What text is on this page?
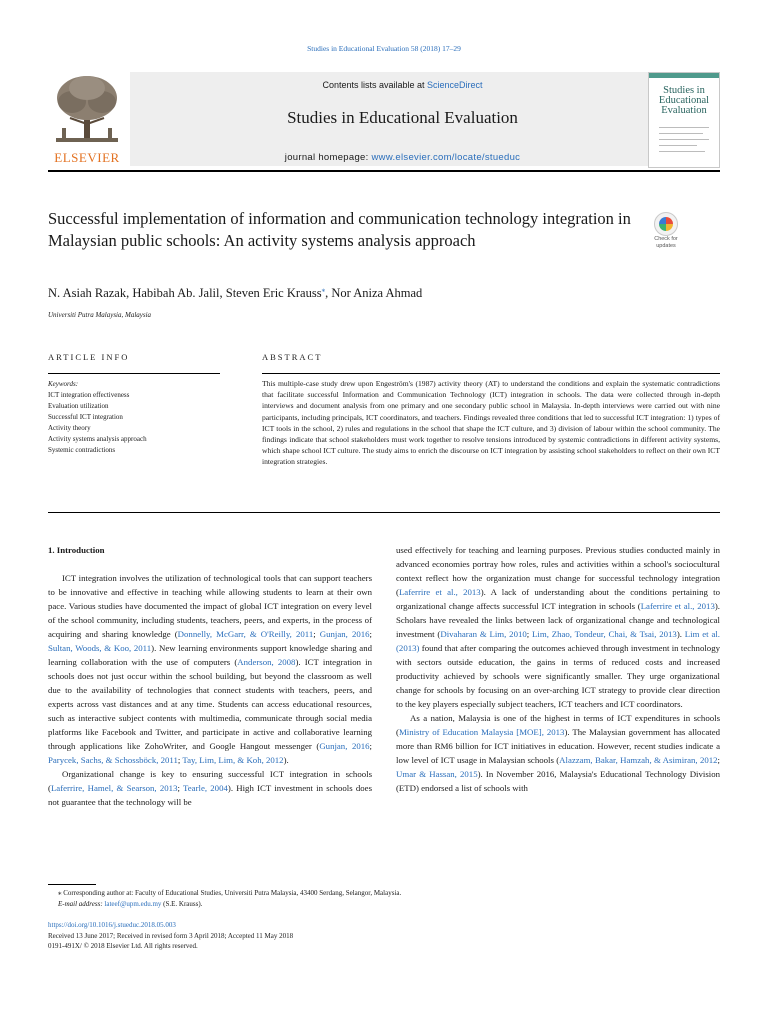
Studies in Educational Evaluation 58 (2018) 17–29
ELSEVIER
Contents lists available at ScienceDirect
Studies in Educational Evaluation
journal homepage: www.elsevier.com/locate/stueduc
Studies in Educational Evaluation
Successful implementation of information and communication technology integration in Malaysian public schools: An activity systems analysis approach	Check for updates
N. Asiah Razak, Habibah Ab. Jalil, Steven Eric Krauss⁎, Nor Aniza Ahmad
Universiti Putra Malaysia, Malaysia
ARTICLE INFO	ABSTRACT
Keywords:
ICT integration effectiveness
Evaluation utilization
Successful ICT integration
Activity theory
Activity systems analysis approach
Systemic contradictions
This multiple-case study drew upon Engeström's (1987) activity theory (AT) to understand the conditions and explain the systematic contradictions that facilitate successful Information and Communication Technology (ICT) integration in schools. The data were collected through in-depth interviews and document analysis from one primary and one secondary public school in Malaysia. In-depth interviews were carried out with nine participants, including principals, ICT coordinators, and teachers. Findings revealed three conditions that led to successful ICT integration: 1) types of ICT tools in the school, 2) rules and regulations in the school that shape the ICT culture, and 3) division of labour within the school community. The findings indicate that school stakeholders must work together to resolve tensions introduced by systemic contradictions in different activity systems, which shape school ICT culture. The study aims to enrich the discourse on ICT integration by assisting school stakeholders to reflect on their own ICT integration strategies.
1. Introduction

ICT integration involves the utilization of technological tools that can support teachers to be innovative and effective in teaching while allowing students to learn at their own pace. Various studies have documented the impact of global ICT integration on every level of the school community, including students, teachers, peers, and experts, in the process of acquiring and sharing knowledge (Donnelly, McGarr, & O'Reilly, 2011; Gunjan, 2016; Sultan, Woods, & Koo, 2011). New learning environments support knowledge sharing and learning collaboration with the use of computers (Anderson, 2008). ICT integration in schools does not just occur within the school building, but beyond the classroom as well due to the availability of technologies that connect students with teachers, peers, and experts across vast distances and at any time. Students can access educational resources, such as interactive subject contents with multimedia, communicate through social media platforms like Facebook and Twitter, and participate in active and collaborative learning through applications like ZohoWriter, and Google Hangout messenger (Gunjan, 2016; Parycek, Sachs, & Schossböck, 2011; Tay, Lim, Lim, & Koh, 2012).

Organizational change is key to ensuring successful ICT integration in schools (Laferrire, Hamel, & Searson, 2013; Tearle, 2004). High ICT investment in schools does not guarantee that the technology will be

used effectively for teaching and learning purposes. Previous studies conducted mainly in advanced economies portray how roles, rules and activities within a school's sociocultural context reflect how the organization must change for successful technology integration (Laferrire et al., 2013). A lack of understanding about the conditions pertaining to organizational change affects successful ICT integration in schools (Laferrire et al., 2013). Scholars have revealed the links between lack of organizational change and technological investment (Divaharan & Lim, 2010; Lim, Zhao, Tondeur, Chai, & Tsai, 2013). Lim et al. (2013) found that after comparing the outcomes achieved through investment in technology with sectors outside education, the gains in terms of reduced costs and increased productivity achieved by schools were significantly smaller. They urge organizational change for schools by focusing on an over-arching ICT strategy to provide clear direction to the key players especially subject teachers, ICT teachers and ICT coordinators.

As a nation, Malaysia is one of the highest in terms of ICT expenditures in schools (Ministry of Education Malaysia [MOE], 2013). The Malaysian government has allocated more than RM6 billion for ICT initiatives in education. However, recent studies indicate a low level of ICT usage in Malaysian schools (Alazzam, Bakar, Hamzah, & Asimiran, 2012; Umar & Hassan, 2015). In November 2016, Malaysia's Educational Technology Division (ETD) endorsed a list of schools with

⁎ Corresponding author at: Faculty of Educational Studies, Universiti Putra Malaysia, 43400 Serdang, Selangor, Malaysia.
E-mail address: lateef@upm.edu.my (S.E. Krauss).
https://doi.org/10.1016/j.stueduc.2018.05.003
Received 13 June 2017; Received in revised form 3 April 2018; Accepted 11 May 2018
0191-491X/ © 2018 Elsevier Ltd. All rights reserved.
